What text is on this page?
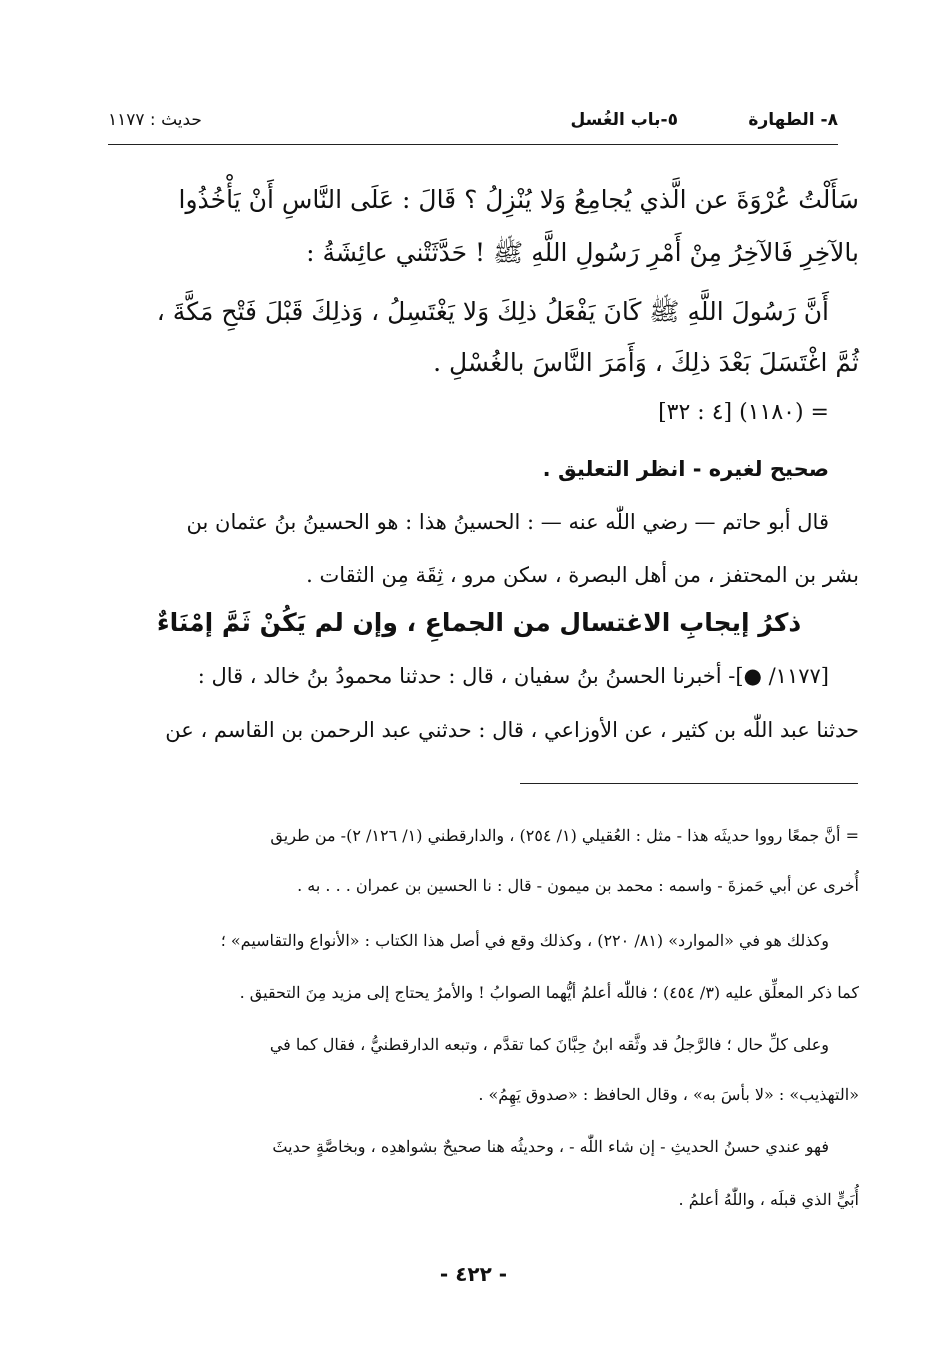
٨- الطهارة
٥-باب الغُسل
حديث : ١١٧٧
سَأَلْتُ عُرْوَةَ عن الَّذي يُجامِعُ وَلا يُنْزِلُ ؟ قَالَ : عَلَى النَّاسِ أَنْ يَأْخُذُوا
بالآخِرِ فَالآخِرُ مِنْ أَمْرِ رَسُولِ اللَّهِ ﷺ ! حَدَّثَتْني عائِشَةُ :
أَنَّ رَسُولَ اللَّهِ ﷺ كَانَ يَفْعَلُ ذلِكَ وَلا يَغْتَسِلُ ، وَذلِكَ قَبْلَ فَتْحِ مَكَّةَ ،
ثُمَّ اغْتَسَلَ بَعْدَ ذلِكَ ، وَأَمَرَ النَّاسَ بالغُسْلِ .
= (١١٨٠) [٤ : ٣٢]
صحيح لغيره - انظر التعليق .
قال أبو حاتم — رضي اللّٰه عنه — : الحسينُ هذا : هو الحسينُ بنُ عثمان بن
بشر بن المحتفز ، من أهل البصرة ، سكن مرو ، ثِقَة مِن الثقات .
ذكرُ إيجابِ الاغتسال من الجماعِ ، وإن لم يَكُنْ ثَمَّ إمْنَاءٌ
[١١٧٧/ ●]- أخبرنا الحسنُ بنُ سفيان ، قال : حدثنا محمودُ بنُ خالد ، قال :
حدثنا عبد اللّٰه بن كثير ، عن الأوزاعي ، قال : حدثني عبد الرحمن بن القاسم ، عن
= أنَّ جمعًا رووا حديثَه هذا - مثل : العُقيلي (١/ ٢٥٤) ، والدارقطني (١/ ١٢٦/ ٢)- من طريق
أُخرى عن أبي حَمزةَ - واسمه : محمد بن ميمون - قال : نا الحسين بن عمران . . . به .
وكذلك هو في «الموارد» (٨١/ ٢٢٠) ، وكذلك وقع في أصل هذا الكتاب : «الأنواع والتقاسيم» ؛
كما ذكر المعلِّق عليه (٣/ ٤٥٤) ؛ فاللّٰه أعلمُ أيُّهما الصوابُ ! والأمرُ يحتاج إلى مزيد مِنَ التحقيق .
وعلى كلِّ حال ؛ فالرَّجلُ قد وثَّقه ابنُ حِبَّانَ كما تقدَّم ، وتبعه الدارقطنيُّ ، فقال كما في
«التهذيب» : «لا بأسَ به» ، وقال الحافظ : «صدوق يَهِمُ» .
فهو عندي حسنُ الحديثِ - إن شاء اللّٰه - ، وحديثُه هنا صحيحٌ بشواهدِه ، وبخاصَّةٍ حديثَ
أُبَيٍّ الذي قبلَه ، واللّٰهُ أعلمُ .
- ٤٢٢ -
